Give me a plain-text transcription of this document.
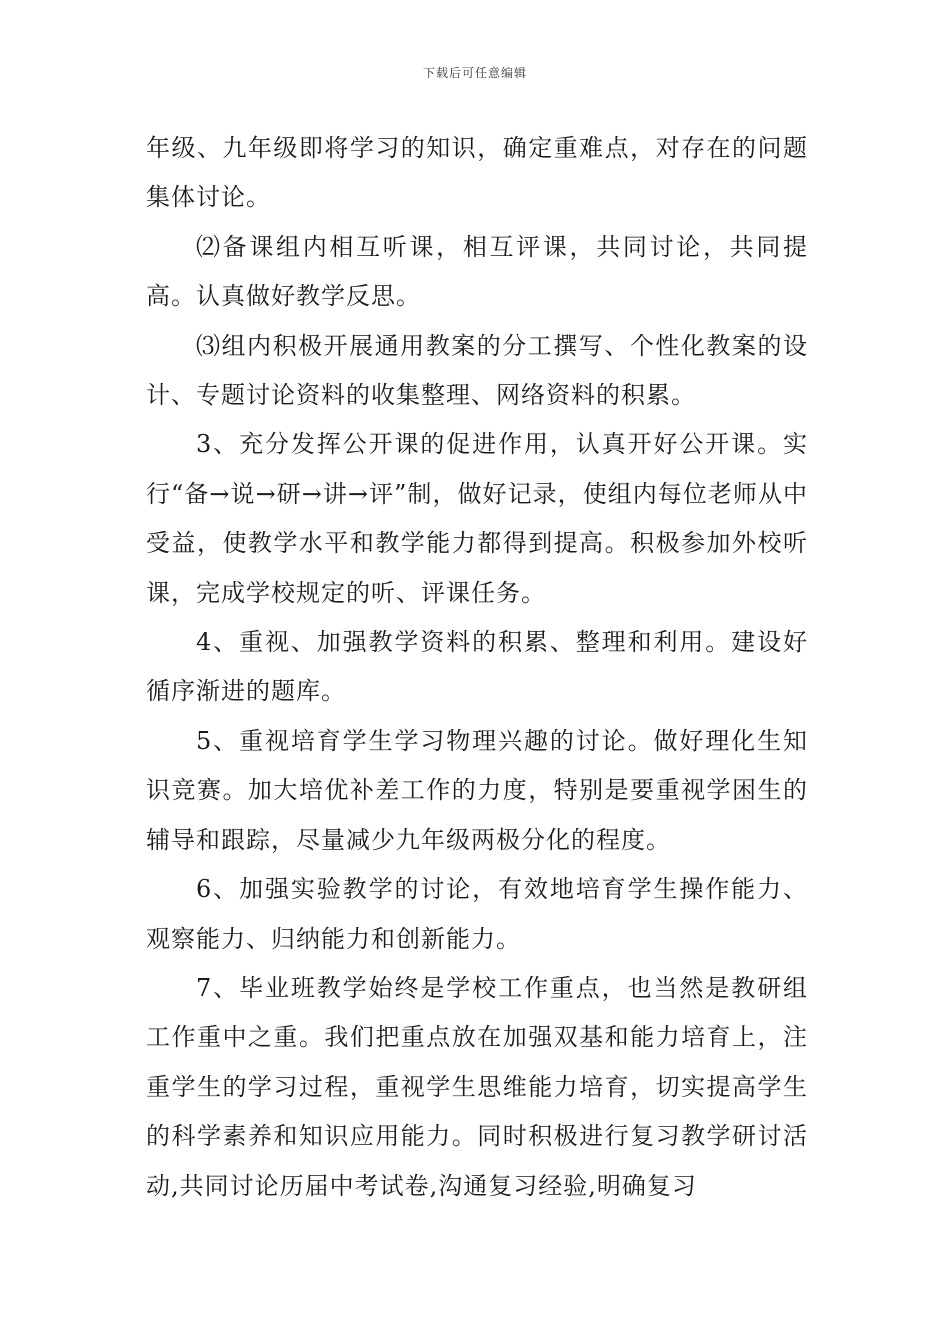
下载后可任意编辑

年级、九年级即将学习的知识，确定重难点，对存在的问题集体讨论。

⑵备课组内相互听课，相互评课，共同讨论，共同提高。认真做好教学反思。

⑶组内积极开展通用教案的分工撰写、个性化教案的设计、专题讨论资料的收集整理、网络资料的积累。

3、充分发挥公开课的促进作用，认真开好公开课。实行“备→说→研→讲→评”制，做好记录，使组内每位老师从中受益，使教学水平和教学能力都得到提高。积极参加外校听课，完成学校规定的听、评课任务。

4、重视、加强教学资料的积累、整理和利用。建设好循序渐进的题库。

5、重视培育学生学习物理兴趣的讨论。做好理化生知识竞赛。加大培优补差工作的力度，特别是要重视学困生的辅导和跟踪，尽量减少九年级两极分化的程度。

6、加强实验教学的讨论，有效地培育学生操作能力、观察能力、归纳能力和创新能力。

7、毕业班教学始终是学校工作重点，也当然是教研组工作重中之重。我们把重点放在加强双基和能力培育上，注重学生的学习过程，重视学生思维能力培育，切实提高学生的科学素养和知识应用能力。同时积极进行复习教学研讨活动,共同讨论历届中考试卷,沟通复习经验,明确复习
